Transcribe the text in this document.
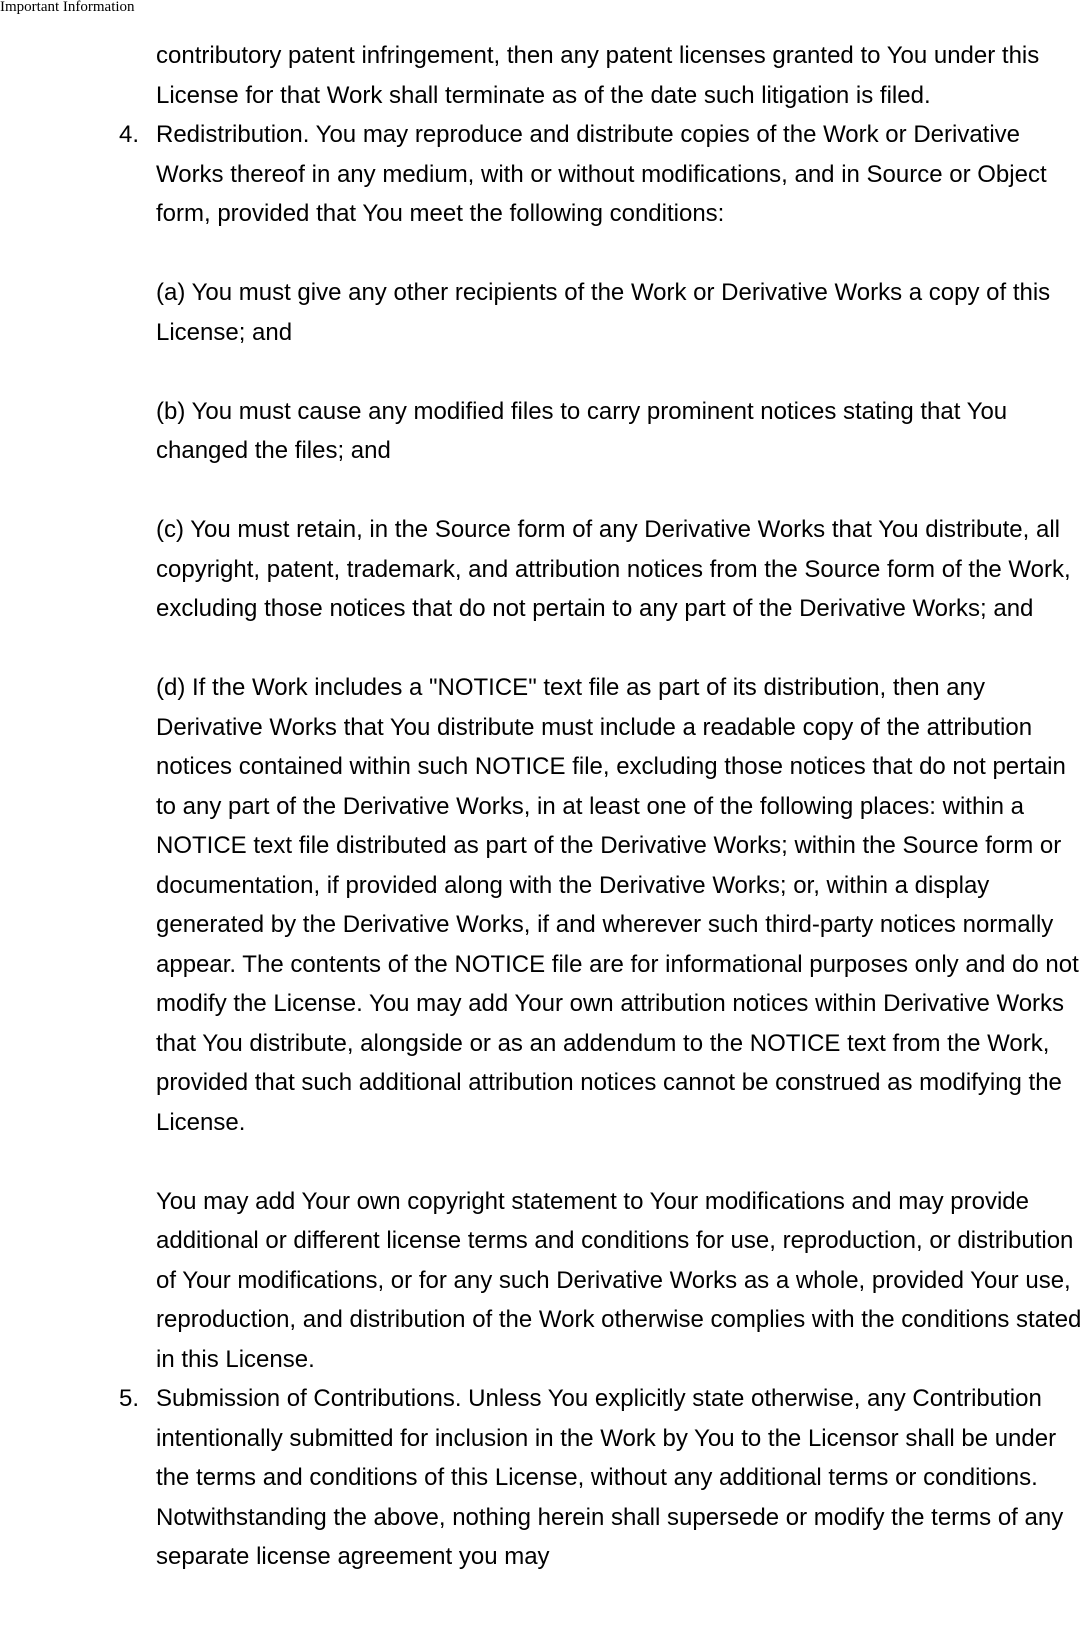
Important Information

contributory patent infringement, then any patent licenses granted to You under this License for that Work shall terminate as of the date such litigation is filed.

4. Redistribution. You may reproduce and distribute copies of the Work or Derivative Works thereof in any medium, with or without modifications, and in Source or Object form, provided that You meet the following conditions:

(a) You must give any other recipients of the Work or Derivative Works a copy of this License; and

(b) You must cause any modified files to carry prominent notices stating that You changed the files; and

(c) You must retain, in the Source form of any Derivative Works that You distribute, all copyright, patent, trademark, and attribution notices from the Source form of the Work, excluding those notices that do not pertain to any part of the Derivative Works; and

(d) If the Work includes a "NOTICE" text file as part of its distribution, then any Derivative Works that You distribute must include a readable copy of the attribution notices contained within such NOTICE file, excluding those notices that do not pertain to any part of the Derivative Works, in at least one of the following places: within a NOTICE text file distributed as part of the Derivative Works; within the Source form or documentation, if provided along with the Derivative Works; or, within a display generated by the Derivative Works, if and wherever such third-party notices normally appear. The contents of the NOTICE file are for informational purposes only and do not modify the License. You may add Your own attribution notices within Derivative Works that You distribute, alongside or as an addendum to the NOTICE text from the Work, provided that such additional attribution notices cannot be construed as modifying the License.

You may add Your own copyright statement to Your modifications and may provide additional or different license terms and conditions for use, reproduction, or distribution of Your modifications, or for any such Derivative Works as a whole, provided Your use, reproduction, and distribution of the Work otherwise complies with the conditions stated in this License.

5. Submission of Contributions. Unless You explicitly state otherwise, any Contribution intentionally submitted for inclusion in the Work by You to the Licensor shall be under the terms and conditions of this License, without any additional terms or conditions. Notwithstanding the above, nothing herein shall supersede or modify the terms of any separate license agreement you may
